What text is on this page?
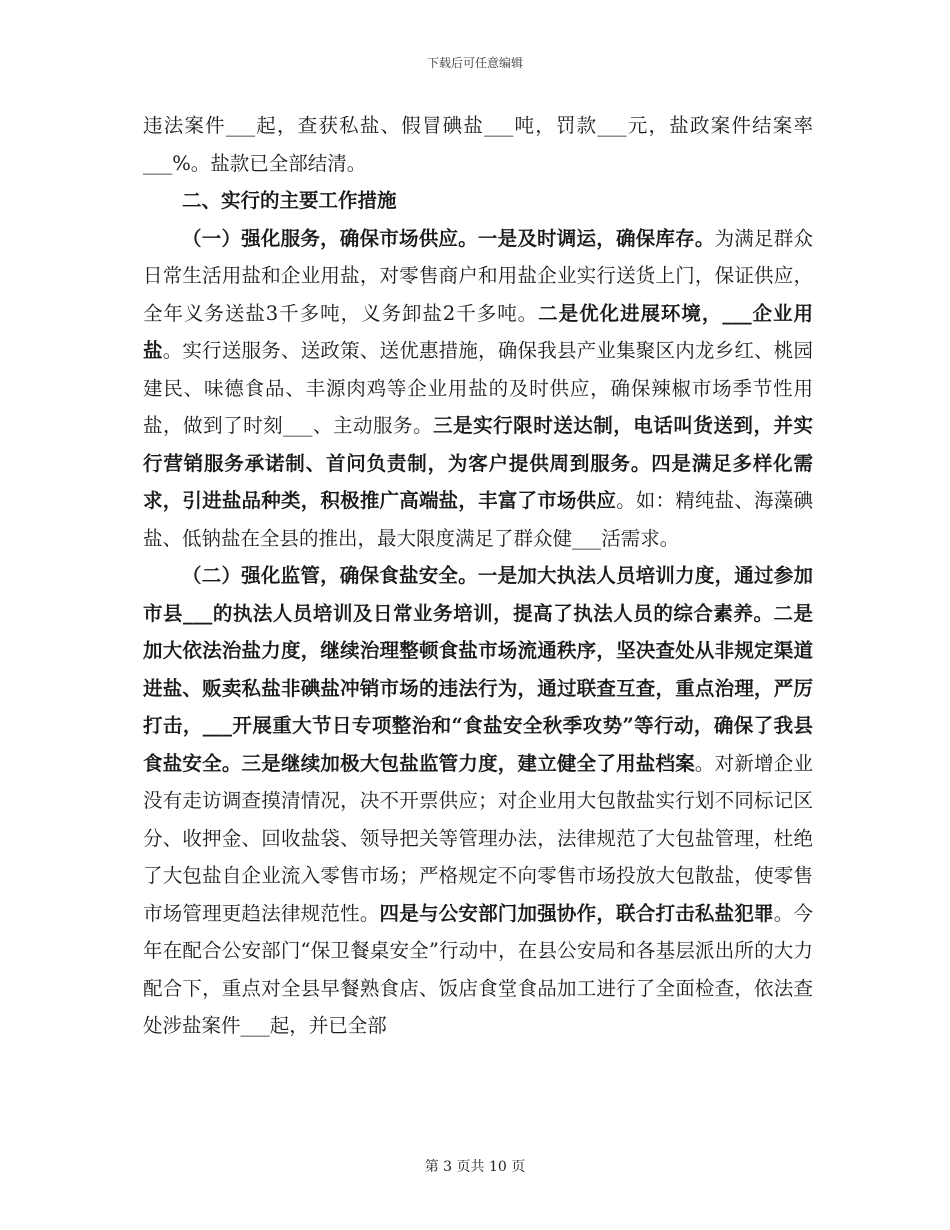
下载后可任意编辑

违法案件___起，查获私盐、假冒碘盐___吨，罚款___元，盐政案件结案率___%。盐款已全部结清。

二、实行的主要工作措施

（一）强化服务，确保市场供应。一是及时调运，确保库存。为满足群众日常生活用盐和企业用盐，对零售商户和用盐企业实行送货上门，保证供应，全年义务送盐3千多吨，义务卸盐2千多吨。二是优化进展环境，___企业用盐。实行送服务、送政策、送优惠措施，确保我县产业集聚区内龙乡红、桃园建民、味德食品、丰源肉鸡等企业用盐的及时供应，确保辣椒市场季节性用盐，做到了时刻___、主动服务。三是实行限时送达制，电话叫货送到，并实行营销服务承诺制、首问负责制，为客户提供周到服务。四是满足多样化需求，引进盐品种类，积极推广高端盐，丰富了市场供应。如：精纯盐、海藻碘盐、低钠盐在全县的推出，最大限度满足了群众健___活需求。

（二）强化监管，确保食盐安全。一是加大执法人员培训力度，通过参加市县___的执法人员培训及日常业务培训，提高了执法人员的综合素养。二是加大依法治盐力度，继续治理整顿食盐市场流通秩序，坚决查处从非规定渠道进盐、贩卖私盐非碘盐冲销市场的违法行为，通过联查互查，重点治理，严厉打击，___开展重大节日专项整治和“食盐安全秋季攻势”等行动，确保了我县食盐安全。三是继续加极大包盐监管力度，建立健全了用盐档案。对新增企业没有走访调查摸清情况，决不开票供应；对企业用大包散盐实行划不同标记区分、收押金、回收盐袋、领导把关等管理办法，法律规范了大包盐管理，杜绝了大包盐自企业流入零售市场；严格规定不向零售市场投放大包散盐，使零售市场管理更趋法律规范性。四是与公安部门加强协作，联合打击私盐犯罪。今年在配合公安部门“保卫餐桌安全”行动中，在县公安局和各基层派出所的大力配合下，重点对全县早餐熟食店、饭店食堂食品加工进行了全面检查，依法查处涉盐案件___起，并已全部

第 3 页共 10 页
